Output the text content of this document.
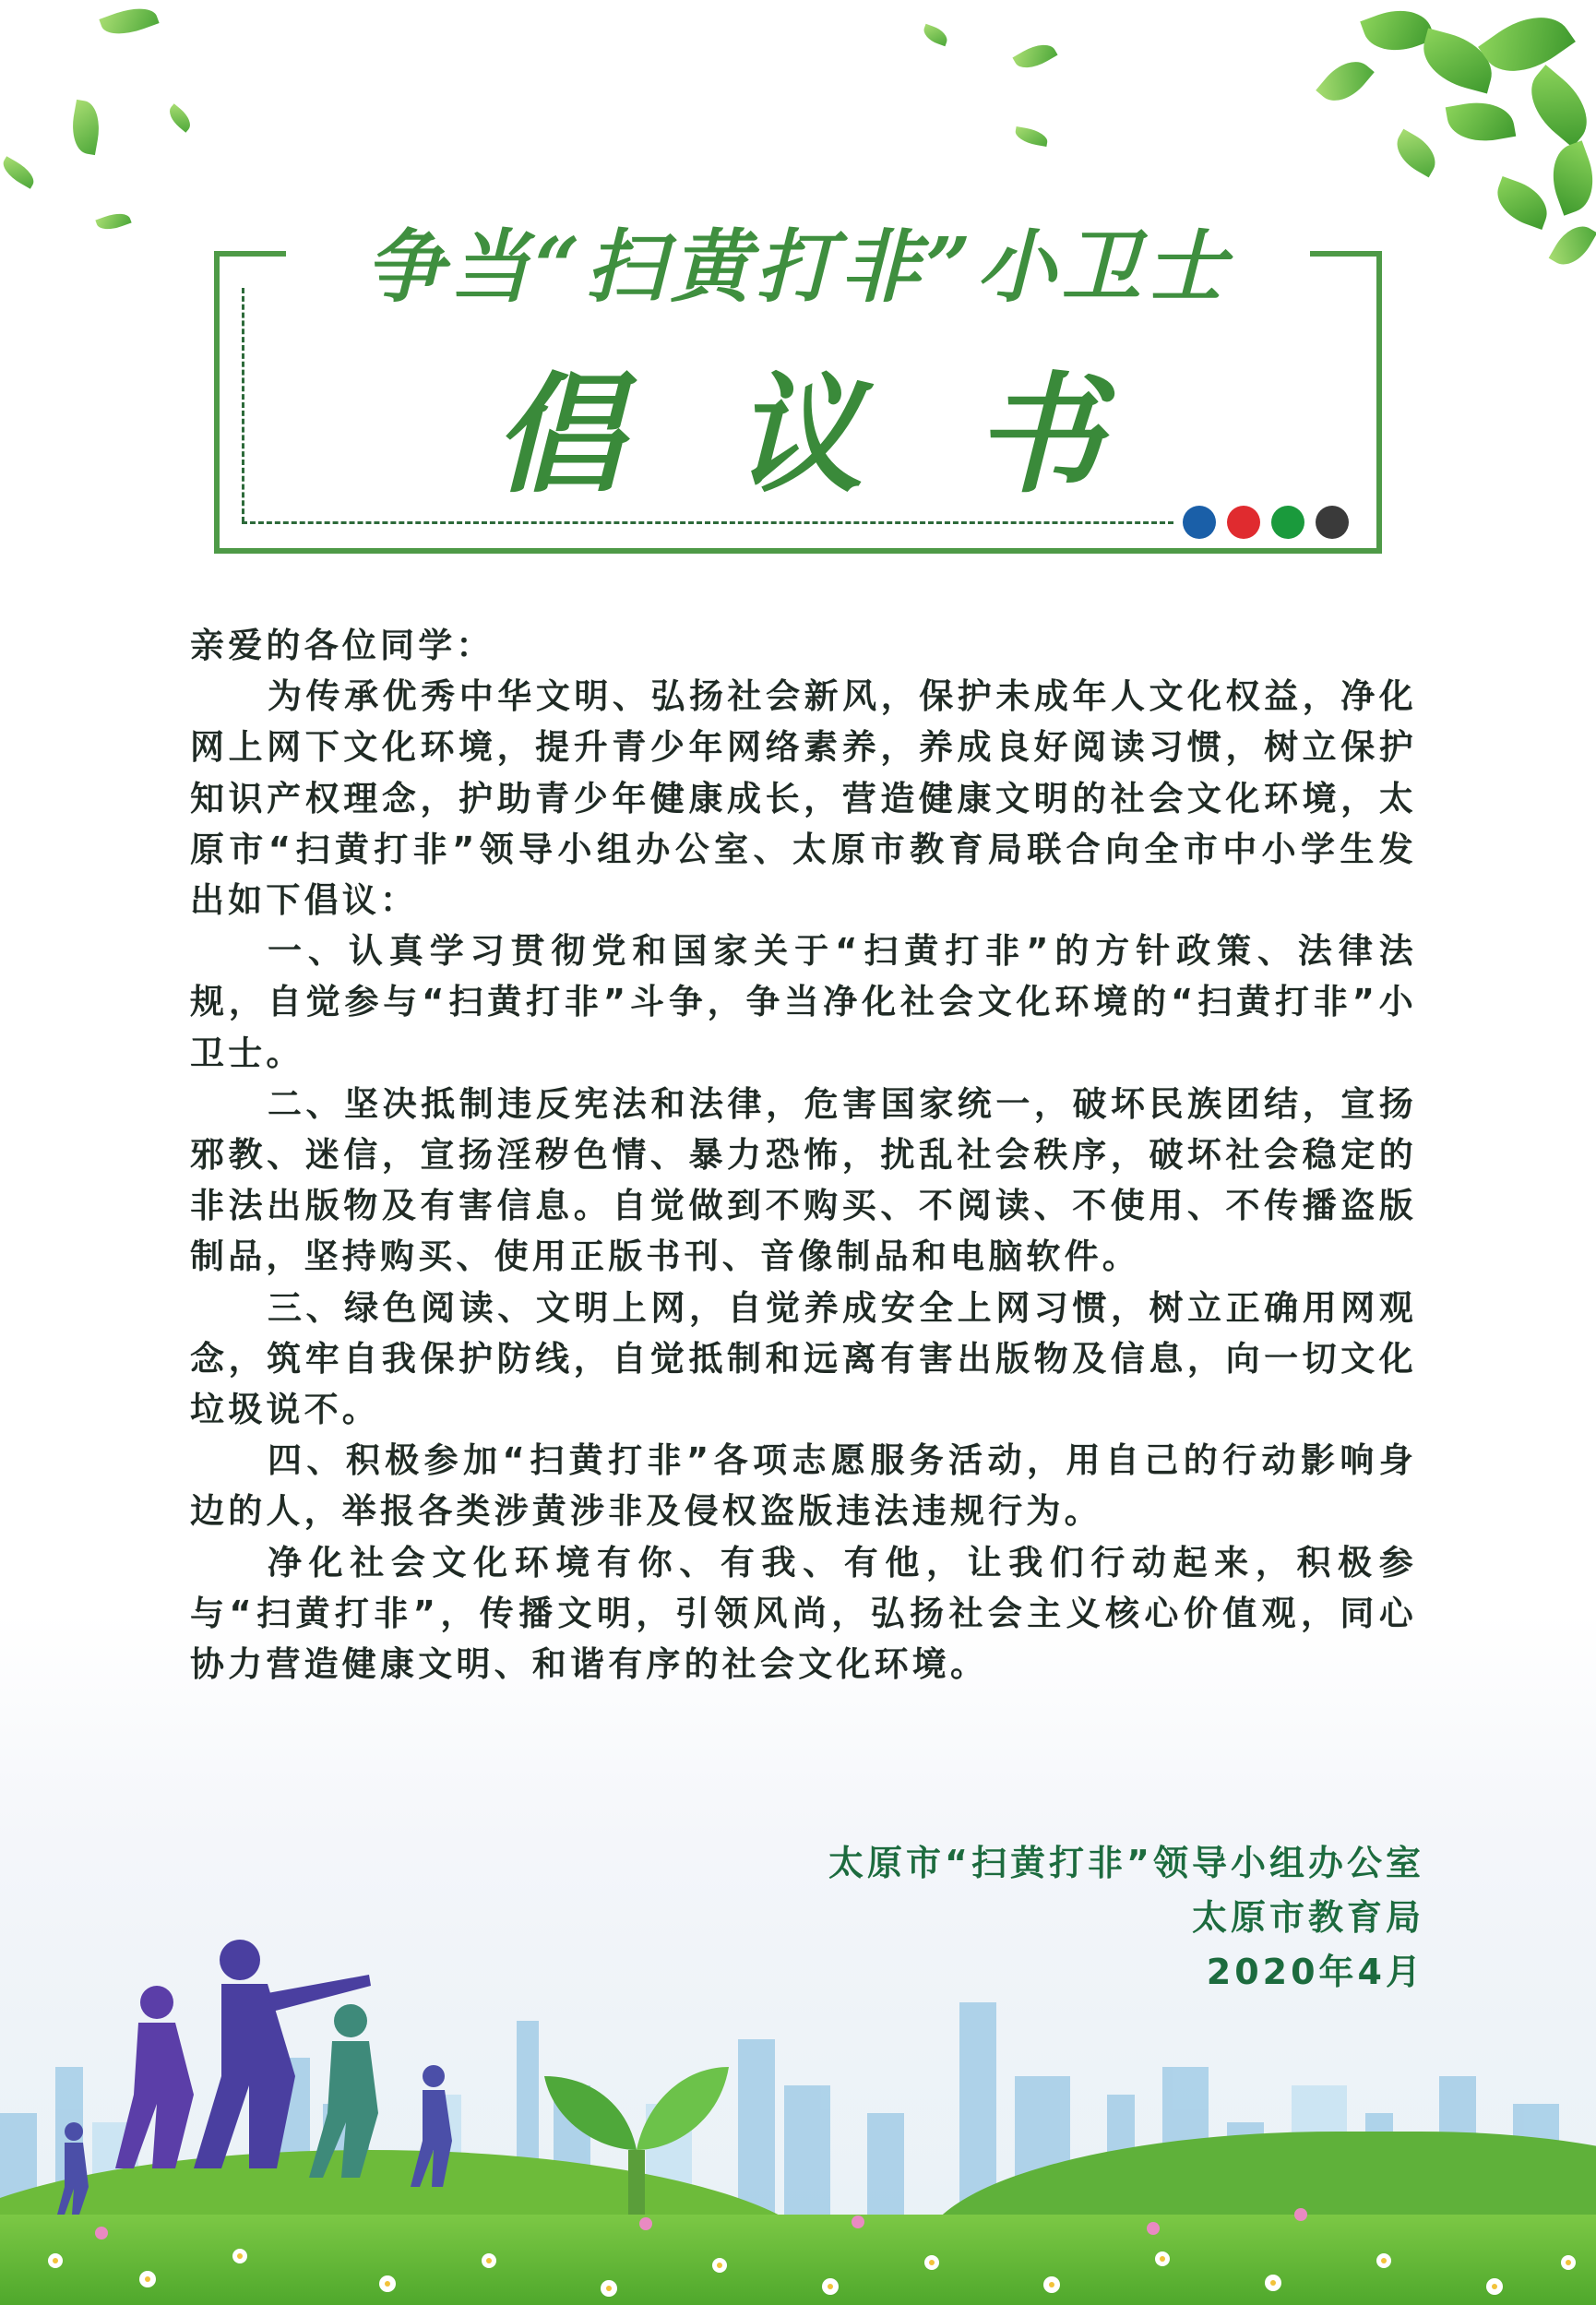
争当“扫黄打非”小卫士
倡议书

亲爱的各位同学：

为传承优秀中华文明、弘扬社会新风，保护未成年人文化权益，净化网上网下文化环境，提升青少年网络素养，养成良好阅读习惯，树立保护知识产权理念，护助青少年健康成长，营造健康文明的社会文化环境，太原市“扫黄打非”领导小组办公室、太原市教育局联合向全市中小学生发出如下倡议：

一、认真学习贯彻党和国家关于“扫黄打非”的方针政策、法律法规，自觉参与“扫黄打非”斗争，争当净化社会文化环境的“扫黄打非”小卫士。

二、坚决抵制违反宪法和法律，危害国家统一，破坏民族团结，宣扬邪教、迷信，宣扬淫秽色情、暴力恐怖，扰乱社会秩序，破坏社会稳定的非法出版物及有害信息。自觉做到不购买、不阅读、不使用、不传播盗版制品，坚持购买、使用正版书刊、音像制品和电脑软件。

三、绿色阅读、文明上网，自觉养成安全上网习惯，树立正确用网观念，筑牢自我保护防线，自觉抵制和远离有害出版物及信息，向一切文化垃圾说不。

四、积极参加“扫黄打非”各项志愿服务活动，用自己的行动影响身边的人，举报各类涉黄涉非及侵权盗版违法违规行为。

净化社会文化环境有你、有我、有他，让我们行动起来，积极参与“扫黄打非”，传播文明，引领风尚，弘扬社会主义核心价值观，同心协力营造健康文明、和谐有序的社会文化环境。

太原市“扫黄打非”领导小组办公室
太原市教育局
2020年4月
